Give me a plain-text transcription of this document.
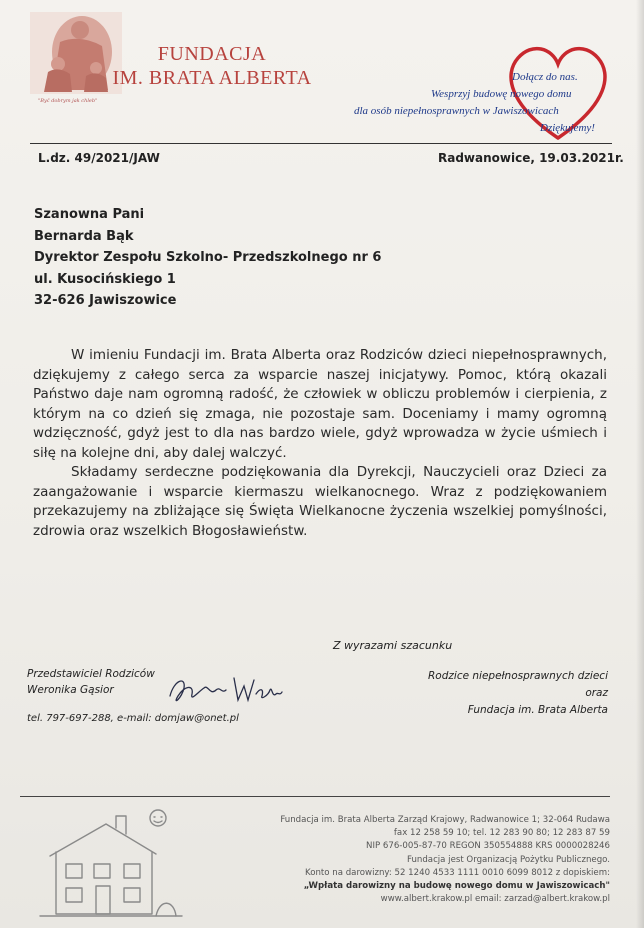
"Być dobrym jak chleb"
FUNDACJA
IM. BRATA ALBERTA	Dołącz do nas.
Wesprzyj budowę nowego domu
dla osób niepełnosprawnych w Jawiszowicach
Dziękujemy!
L.dz. 49/2021/JAW	Radwanowice, 19.03.2021r.
Szanowna Pani
Bernarda Bąk
Dyrektor Zespołu Szkolno- Przedszkolnego nr 6
ul. Kusocińskiego 1
32-626 Jawiszowice

W imieniu Fundacji im. Brata Alberta oraz Rodziców dzieci niepełnosprawnych, dziękujemy z całego serca za wsparcie naszej inicjatywy. Pomoc, którą okazali Państwo daje nam ogromną radość, że człowiek w obliczu problemów i cierpienia, z którym na co dzień się zmaga, nie pozostaje sam. Doceniamy i mamy ogromną wdzięczność, gdyż jest to dla nas bardzo wiele, gdyż wprowadza w życie uśmiech i siłę na kolejne dni, aby dalej walczyć.

Składamy serdeczne podziękowania dla Dyrekcji, Nauczycieli oraz Dzieci za zaangażowanie i wsparcie kiermaszu wielkanocnego. Wraz z podziękowaniem przekazujemy na zbliżające się Święta Wielkanocne życzenia wszelkiej pomyślności, zdrowia oraz wszelkich Błogosławieństw.

Z wyrazami szacunku
Przedstawiciel Rodziców
Weronika Gąsior
Rodzice niepełnosprawnych dzieci
oraz
Fundacja im. Brata Alberta
tel. 797-697-288, e-mail: domjaw@onet.pl
Fundacja im. Brata Alberta Zarząd Krajowy, Radwanowice 1; 32-064 Rudawa
fax 12 258 59 10; tel. 12 283 90 80; 12 283 87 59
NIP 676-005-87-70 REGON 350554888 KRS 0000028246
Fundacja jest Organizacją Pożytku Publicznego.
Konto na darowizny: 52 1240 4533 1111 0010 6099 8012 z dopiskiem:
„Wpłata darowizny na budowę nowego domu w Jawiszowicach"
www.albert.krakow.pl email: zarzad@albert.krakow.pl
